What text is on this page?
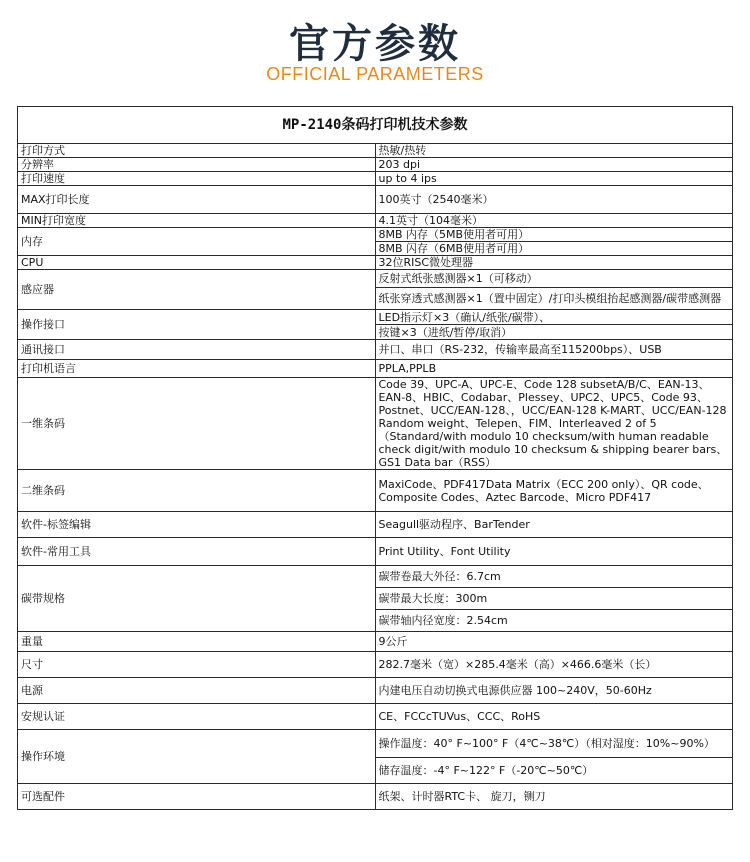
官方参数
OFFICIAL PARAMETERS
MP-2140条码打印机技术参数	
打印方式	热敏/热转
分辨率	203 dpi
打印速度	up to 4 ips
MAX打印长度	100英寸（2540毫米）
MIN打印宽度	4.1英寸（104毫米）
内存	8MB 内存（5MB使用者可用）
	8MB 闪存（6MB使用者可用）
CPU	32位RISC微处理器
感应器	反射式纸张感测器×1（可移动）
	纸张穿透式感测器×1（置中固定）/打印头模组抬起感测器/碳带感测器
操作接口	LED指示灯×3（确认/纸张/碳带）、
	按键×3（进纸/暂停/取消）
通讯接口	并口、串口（RS-232，传输率最高至115200bps）、USB
打印机语言	PPLA,PPLB
一维条码	Code 39、UPC-A、UPC-E、Code 128 subsetA/B/C、EAN-13、EAN-8、HBIC、Codabar、Plessey、UPC2、UPC5、Code 93、Postnet、UCC/EAN-128、，UCC/EAN-128 K-MART、UCC/EAN-128 Random weight、Telepen、FIM、Interleaved 2 of 5（Standard/with modulo 10 checksum/with human readable check digit/with modulo 10 checksum & shipping bearer bars、GS1 Data bar（RSS）
二维条码	MaxiCode、PDF417Data Matrix（ECC 200 only）、QR code、Composite Codes、Aztec Barcode、Micro PDF417
软件-标签编辑	Seagull驱动程序、BarTender
软件-常用工具	Print Utility、Font Utility
碳带规格	碳带卷最大外径：6.7cm
	碳带最大长度：300m
	碳带轴内径宽度：2.54cm
重量	9公斤
尺寸	282.7毫米（宽）×285.4毫米（高）×466.6毫米（长）
电源	内建电压自动切换式电源供应器 100~240V，50-60Hz
安规认证	CE、FCCcTUVus、CCC、RoHS
操作环境	操作温度：40° F~100° F（4℃~38℃）（相对湿度：10%~90%）
	储存温度：-4° F~122° F（-20℃~50℃）
可选配件	纸架、计时器RTC卡、 旋刀，铡刀
